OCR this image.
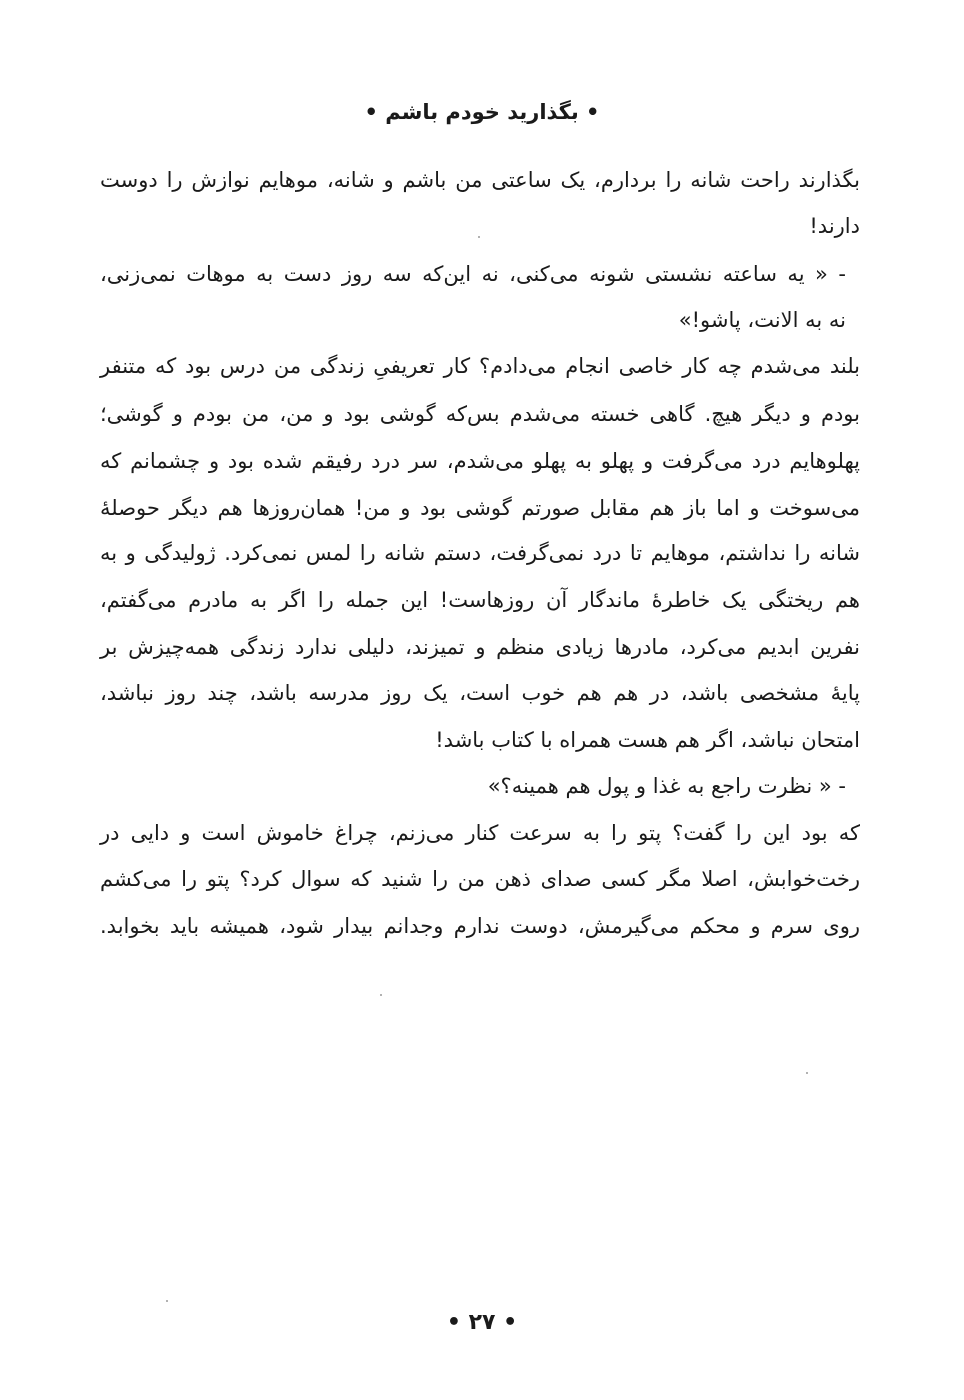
• بگذارید خودم باشم •
بگذارند راحت شانه را بردارم، یک ساعتی من باشم و شانه، موهایم نوازش را دوست
دارند!
- « یه ساعته نشستی شونه می‌کنی، نه این‌که سه روز دست به موهات نمی‌زنی،
نه به الانت، پاشو!»
بلند می‌شدم چه کار خاصی انجام می‌دادم؟ کار تعریفیِ زندگی من درس بود که متنفر
بودم و دیگر هیچ. گاهی خسته می‌شدم بس‌که گوشی بود و من، من بودم و گوشی؛
پهلوهایم درد می‌گرفت و پهلو به پهلو می‌شدم، سر درد رفیقم شده بود و چشمانم که
می‌سوخت و اما باز هم مقابل صورتم گوشی بود و من! همان‌روزها هم دیگر حوصلهٔ
شانه را نداشتم، موهایم تا درد نمی‌گرفت، دستم شانه را لمس نمی‌کرد. ژولیدگی و به
هم ریختگی یک خاطرهٔ ماندگار آن روزهاست! این جمله را اگر به مادرم می‌گفتم،
نفرین ابدیم می‌کرد، مادرها زیادی منظم و تمیزند، دلیلی ندارد زندگی همه‌چیزش بر
پایهٔ مشخصی باشد، در هم هم خوب است، یک روز مدرسه باشد، چند روز نباشد،
امتحان نباشد، اگر هم هست همراه با کتاب باشد!
- « نظرت راجع به غذا و پول هم همینه؟»
که بود این را گفت؟ پتو را به سرعت کنار می‌زنم، چراغ خاموش است و دایی در
رخت‌خوابش، اصلا مگر کسی صدای ذهن من را شنید که سوال کرد؟ پتو را می‌کشم
روی سرم و محکم می‌گیرمش، دوست ندارم وجدانم بیدار شود، همیشه باید بخوابد.
• ۲۷ •
